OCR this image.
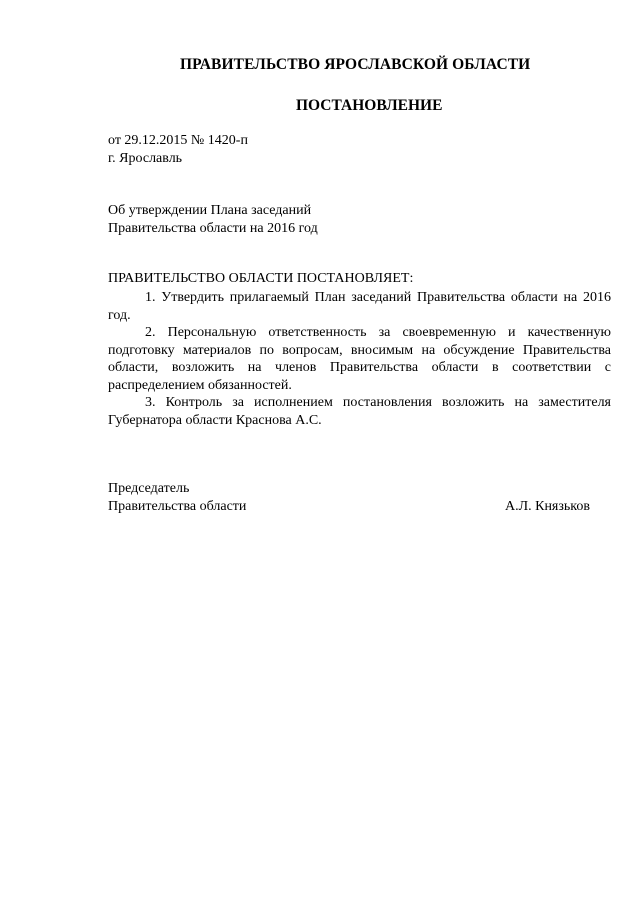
ПРАВИТЕЛЬСТВО ЯРОСЛАВСКОЙ ОБЛАСТИ
ПОСТАНОВЛЕНИЕ
от 29.12.2015 № 1420-п
г. Ярославль
Об утверждении Плана заседаний
Правительства области на 2016 год
ПРАВИТЕЛЬСТВО ОБЛАСТИ ПОСТАНОВЛЯЕТ:

1. Утвердить прилагаемый План заседаний Правительства области на 2016 год.

2. Персональную ответственность за своевременную и качественную подготовку материалов по вопросам, вносимым на обсуждение Правительства области, возложить на членов Правительства области в соответствии с распределением обязанностей.

3. Контроль за исполнением постановления возложить на заместителя Губернатора области Краснова А.С.

Председатель
Правительства области	А.Л. Князьков
